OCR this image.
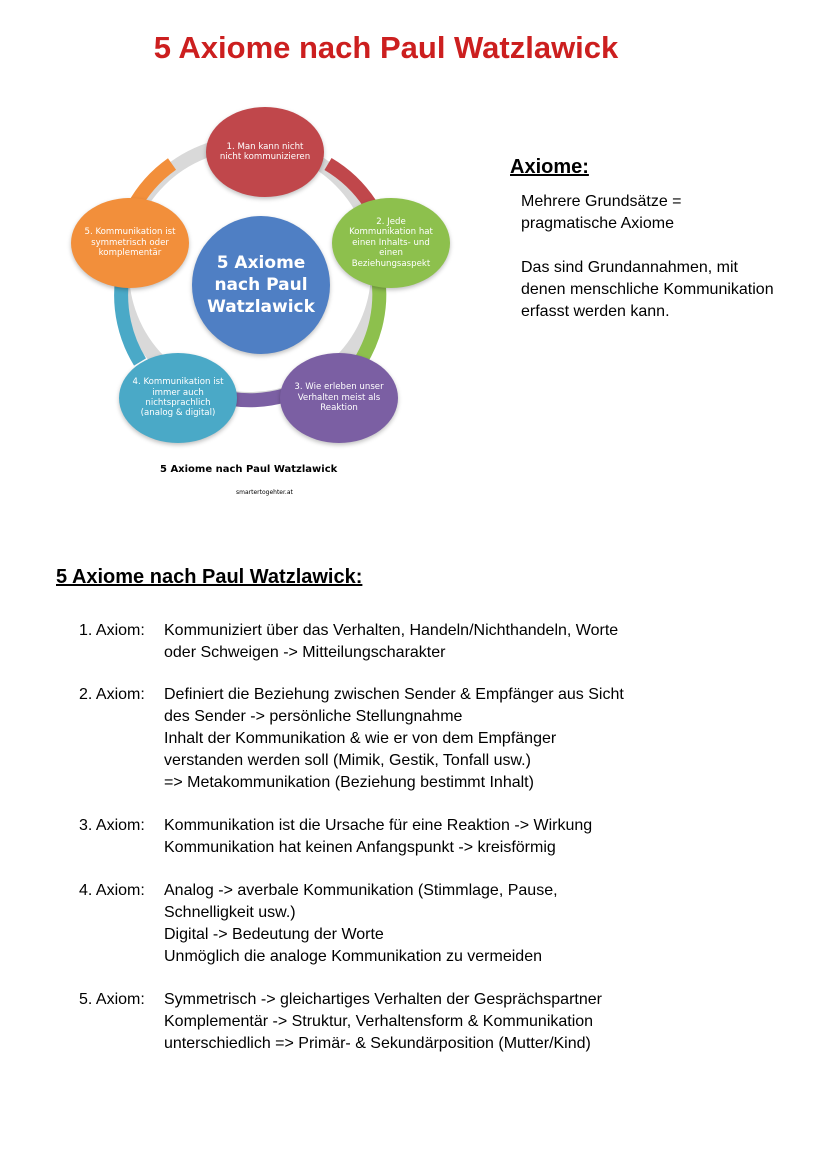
5 Axiome nach Paul Watzlawick
5 Axiome nach Paul Watzlawick
1. Man kann nicht nicht kommunizieren
2. Jede Kommunikation hat einen Inhalts- und einen Beziehungsaspekt
3. Wie erleben unser Verhalten meist als Reaktion
4. Kommunikation ist immer auch nichtsprachlich (analog & digital)
5. Kommunikation ist symmetrisch oder komplementär
5 Axiome nach Paul Watzlawick
smartertogehter.at
Axiome:

Mehrere Grundsätze = pragmatische Axiome

Das sind Grundannahmen, mit denen menschliche Kommunikation erfasst werden kann.

5 Axiome nach Paul Watzlawick:
1. Axiom: Kommuniziert über das Verhalten, Handeln/Nichthandeln, Worte
oder Schweigen -> Mitteilungscharakter
2. Axiom: Definiert die Beziehung zwischen Sender & Empfänger aus Sicht
des Sender -> persönliche Stellungnahme
Inhalt der Kommunikation & wie er von dem Empfänger
verstanden werden soll (Mimik, Gestik, Tonfall usw.)
=> Metakommunikation (Beziehung bestimmt Inhalt)
3. Axiom: Kommunikation ist die Ursache für eine Reaktion -> Wirkung
Kommunikation hat keinen Anfangspunkt -> kreisförmig
4. Axiom: Analog -> averbale Kommunikation (Stimmlage, Pause,
Schnelligkeit usw.)
Digital -> Bedeutung der Worte
Unmöglich die analoge Kommunikation zu vermeiden
5. Axiom: Symmetrisch -> gleichartiges Verhalten der Gesprächspartner
Komplementär -> Struktur, Verhaltensform & Kommunikation
unterschiedlich => Primär- & Sekundärposition (Mutter/Kind)
